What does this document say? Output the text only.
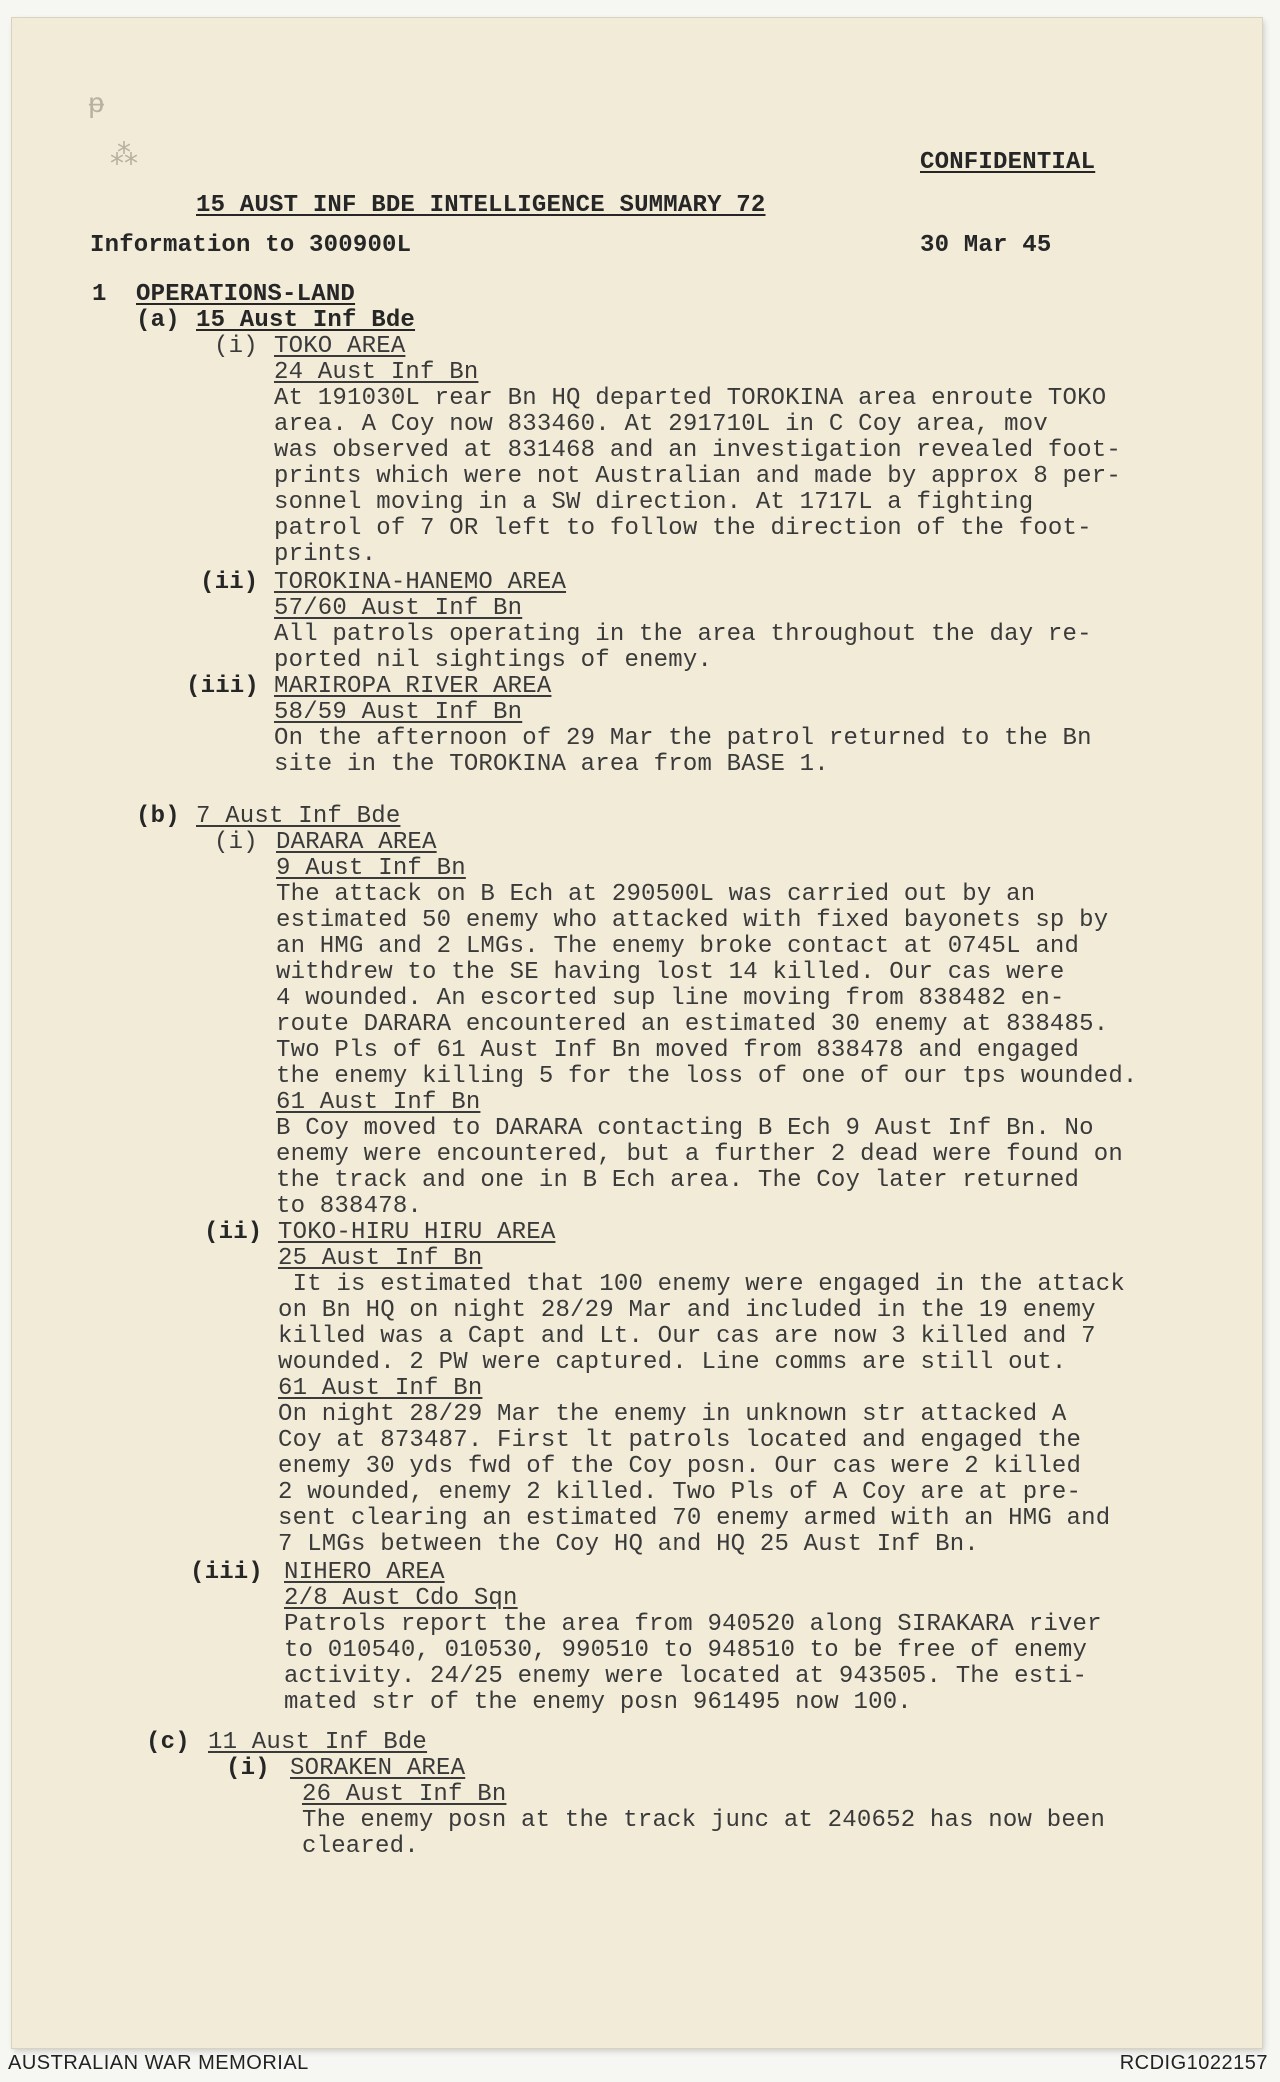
ᵽ
⁂	CONFIDENTIAL
15 AUST INF BDE INTELLIGENCE SUMMARY 72
Information to 300900L	30 Mar 45
1 OPERATIONS-LAND
(a) 15 Aust Inf Bde
(i) TOKO AREA
24 Aust Inf Bn
At 191030L rear Bn HQ departed TOROKINA area enroute TOKO
area. A Coy now 833460. At 291710L in C Coy area, mov
was observed at 831468 and an investigation revealed foot-
prints which were not Australian and made by approx 8 per-
sonnel moving in a SW direction. At 1717L a fighting
patrol of 7 OR left to follow the direction of the foot-
prints.
(ii) TOROKINA-HANEMO AREA
57/60 Aust Inf Bn
All patrols operating in the area throughout the day re-
ported nil sightings of enemy.
(iii) MARIROPA RIVER AREA
58/59 Aust Inf Bn
On the afternoon of 29 Mar the patrol returned to the Bn
site in the TOROKINA area from BASE 1.
(b) 7 Aust Inf Bde
(i) DARARA AREA
9 Aust Inf Bn
The attack on B Ech at 290500L was carried out by an
estimated 50 enemy who attacked with fixed bayonets sp by
an HMG and 2 LMGs. The enemy broke contact at 0745L and
withdrew to the SE having lost 14 killed. Our cas were
4 wounded. An escorted sup line moving from 838482 en-
route DARARA encountered an estimated 30 enemy at 838485.
Two Pls of 61 Aust Inf Bn moved from 838478 and engaged
the enemy killing 5 for the loss of one of our tps wounded.
61 Aust Inf Bn
B Coy moved to DARARA contacting B Ech 9 Aust Inf Bn. No
enemy were encountered, but a further 2 dead were found on
the track and one in B Ech area. The Coy later returned
to 838478.
(ii) TOKO-HIRU HIRU AREA
25 Aust Inf Bn
It is estimated that 100 enemy were engaged in the attack
on Bn HQ on night 28/29 Mar and included in the 19 enemy
killed was a Capt and Lt. Our cas are now 3 killed and 7
wounded. 2 PW were captured. Line comms are still out.
61 Aust Inf Bn
On night 28/29 Mar the enemy in unknown str attacked A
Coy at 873487. First lt patrols located and engaged the
enemy 30 yds fwd of the Coy posn. Our cas were 2 killed
2 wounded, enemy 2 killed. Two Pls of A Coy are at pre-
sent clearing an estimated 70 enemy armed with an HMG and
7 LMGs between the Coy HQ and HQ 25 Aust Inf Bn.
(iii) NIHERO AREA
2/8 Aust Cdo Sqn
Patrols report the area from 940520 along SIRAKARA river
to 010540, 010530, 990510 to 948510 to be free of enemy
activity. 24/25 enemy were located at 943505. The esti-
mated str of the enemy posn 961495 now 100.
(c) 11 Aust Inf Bde
(i) SORAKEN AREA
26 Aust Inf Bn
The enemy posn at the track junc at 240652 has now been
cleared.
AUSTRALIAN WAR MEMORIAL	RCDIG1022157
